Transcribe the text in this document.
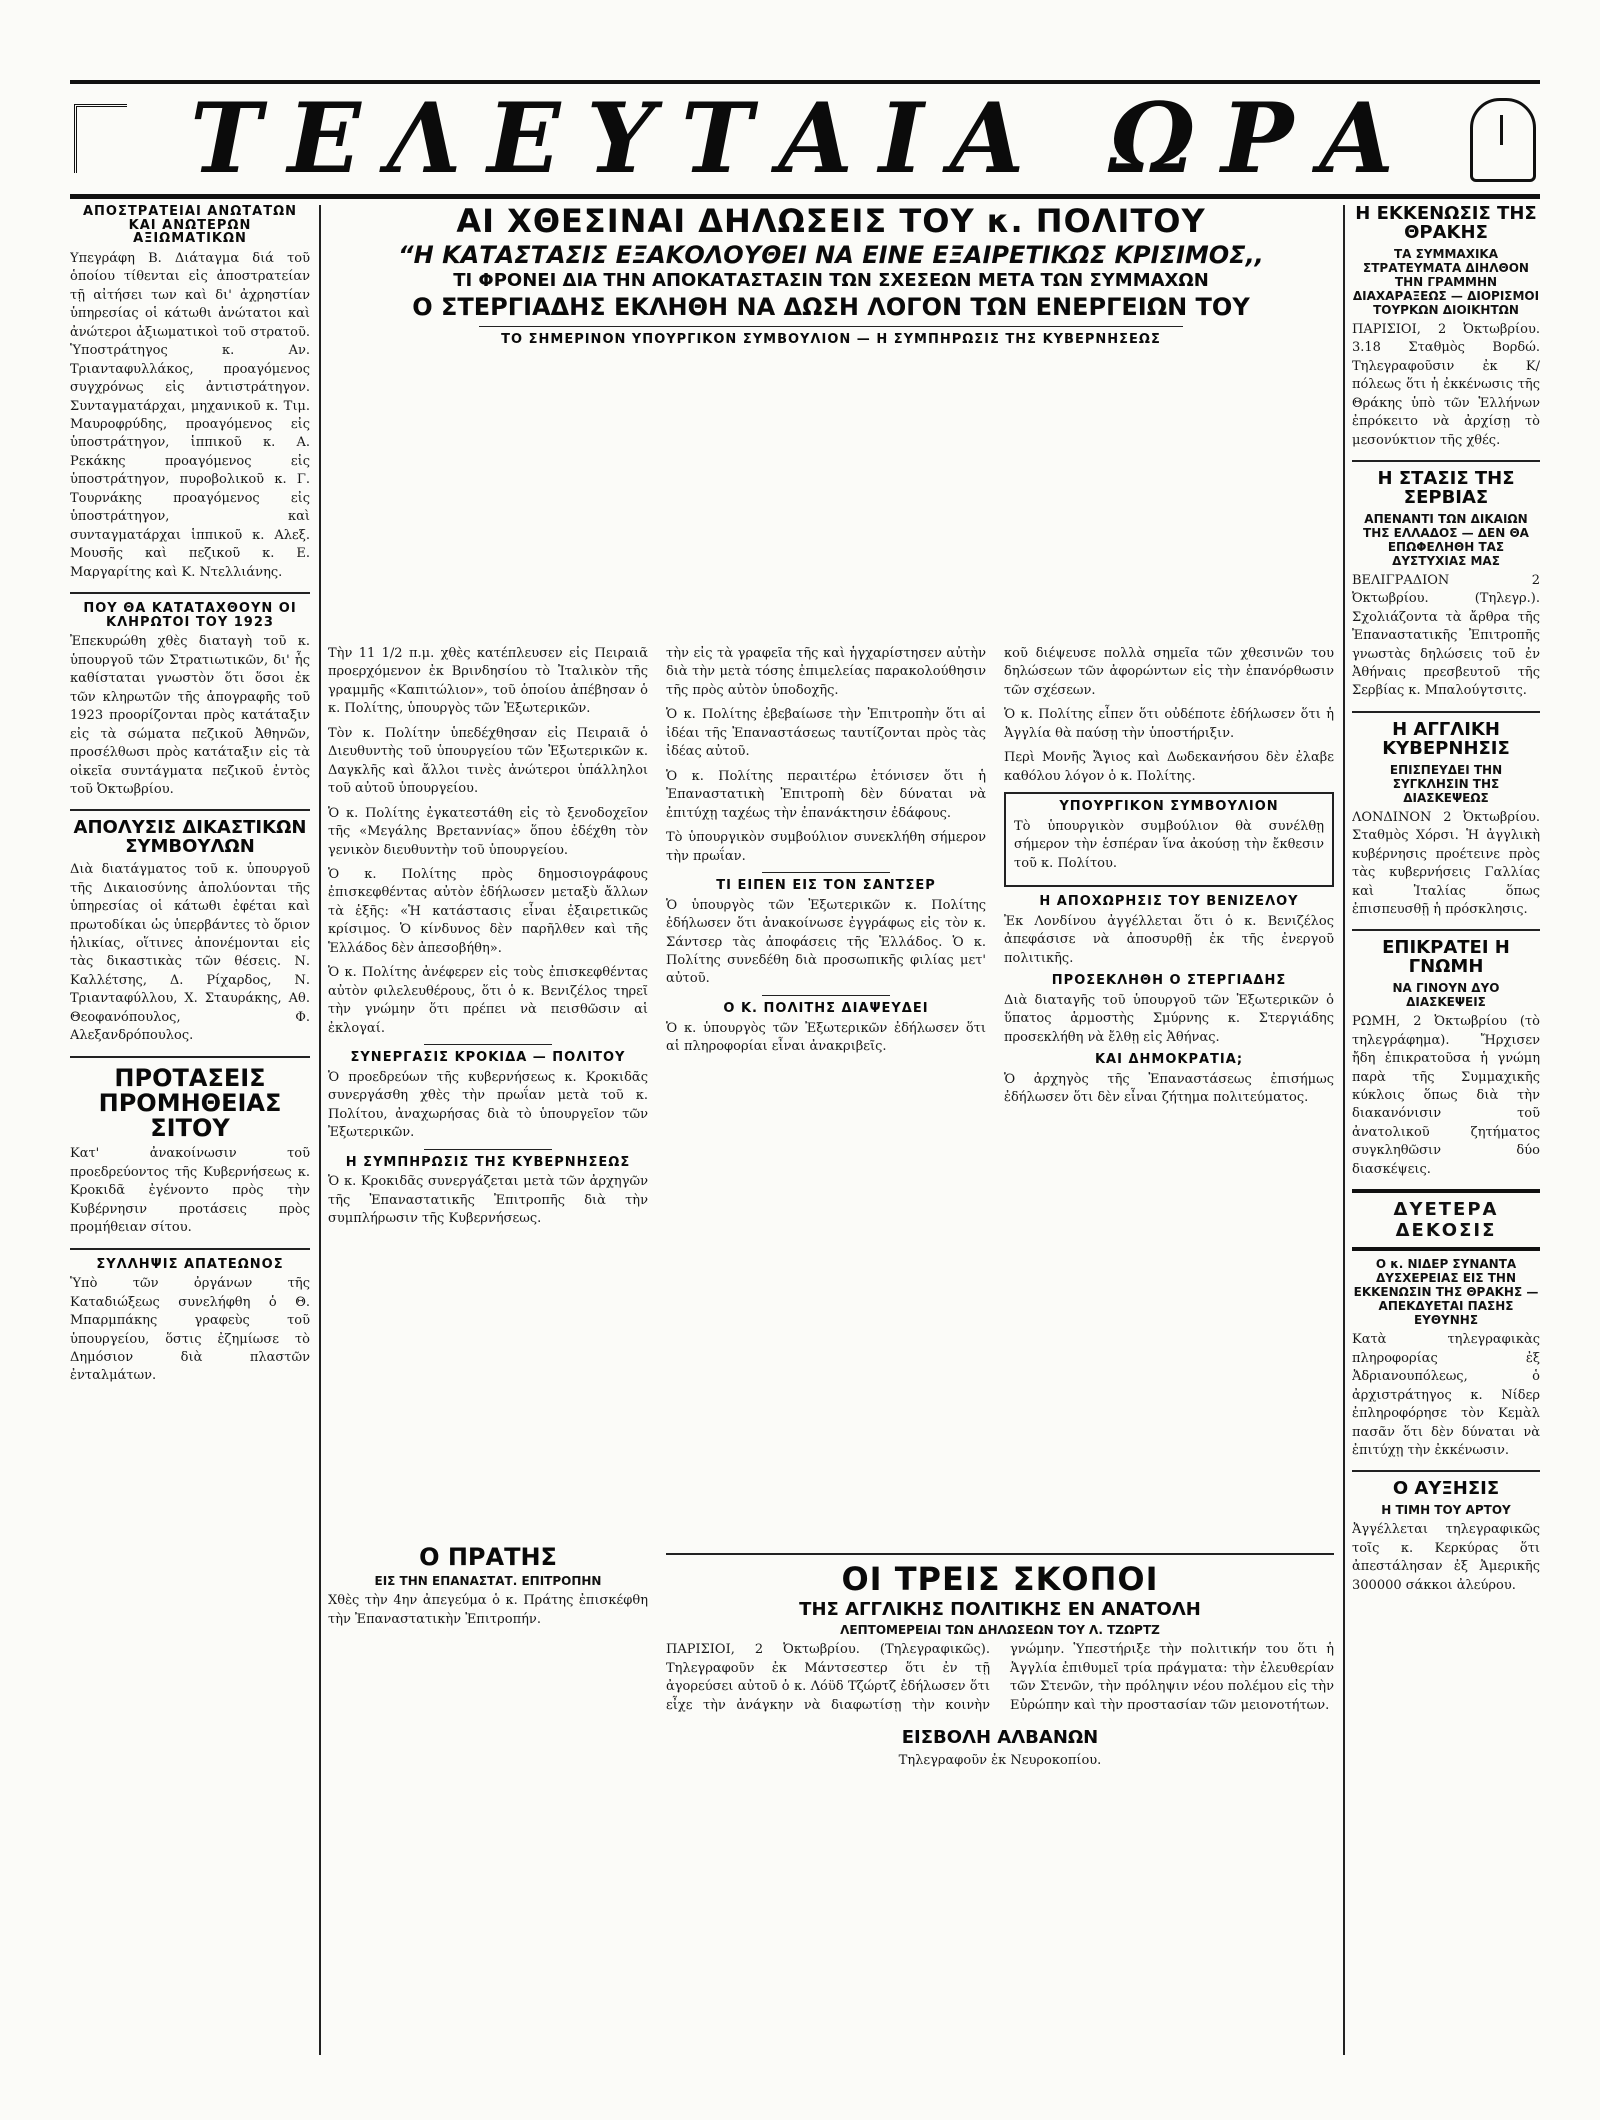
ΤΕΛΕΥΤΑΙΑ ΩΡΑ
ΑΠΟΣΤΡΑΤΕΙΑΙ ΑΝΩΤΑΤΩΝ ΚΑΙ ΑΝΩΤΕΡΩΝ ΑΞΙΩΜΑΤΙΚΩΝ

Υπεγράφη Β. Διάταγμα διά τοῦ ὁποίου τίθενται εἰς ἀποστρατείαν τῇ αἰτήσει των καὶ δι' ἀχρηστίαν ὑπηρεσίας οἱ κάτωθι ἀνώτατοι καὶ ἀνώτεροι ἀξιωματικοὶ τοῦ στρατοῦ. Ὑποστράτηγος κ. Αν. Τριανταφυλλάκος, προαγόμενος συγχρόνως εἰς ἀντιστράτηγον. Συνταγματάρχαι, μηχανικοῦ κ. Τιμ. Μαυροφρύδης, προαγόμενος εἰς ὑποστράτηγον, ἱππικοῦ κ. Α. Ρεκάκης προαγόμενος εἰς ὑποστράτηγον, πυροβολικοῦ κ. Γ. Τουρνάκης προαγόμενος εἰς ὑποστράτηγον, καὶ συνταγματάρχαι ἱππικοῦ κ. Αλεξ. Μουσῆς καὶ πεζικοῦ κ. Ε. Μαργαρίτης καὶ Κ. Ντελλιάνης.

ΠΟΥ ΘΑ ΚΑΤΑΤΑΧΘΟΥΝ ΟΙ ΚΛΗΡΩΤΟΙ ΤΟΥ 1923

Ἐπεκυρώθη χθὲς διαταγὴ τοῦ κ. ὑπουργοῦ τῶν Στρατιωτικῶν, δι' ἧς καθίσταται γνωστὸν ὅτι ὅσοι ἐκ τῶν κληρωτῶν τῆς ἀπογραφῆς τοῦ 1923 προορίζονται πρὸς κατάταξιν εἰς τὰ σώματα πεζικοῦ Ἀθηνῶν, προσέλθωσι πρὸς κατάταξιν εἰς τὰ οἰκεῖα συντάγματα πεζικοῦ ἐντὸς τοῦ Ὀκτωβρίου.

ΑΠΟΛΥΣΙΣ ΔΙΚΑΣΤΙΚΩΝ ΣΥΜΒΟΥΛΩΝ

Διὰ διατάγματος τοῦ κ. ὑπουργοῦ τῆς Δικαιοσύνης ἀπολύονται τῆς ὑπηρεσίας οἱ κάτωθι ἐφέται καὶ πρωτοδίκαι ὡς ὑπερβάντες τὸ ὅριον ἡλικίας, οἵτινες ἀπονέμονται εἰς τὰς δικαστικὰς τῶν θέσεις. Ν. Καλλέτσης, Δ. Ρίχαρδος, Ν. Τριανταφύλλου, Χ. Σταυράκης, Αθ. Θεοφανόπουλος, Φ. Αλεξανδρόπουλος.

ΠΡΟΤΑΣΕΙΣ ΠΡΟΜΗΘΕΙΑΣ ΣΙΤΟΥ

Κατ' ἀνακοίνωσιν τοῦ προεδρεύοντος τῆς Κυβερνήσεως κ. Κροκιδᾶ ἐγένοντο πρὸς τὴν Κυβέρνησιν προτάσεις πρὸς προμήθειαν σίτου.

ΣΥΛΛΗΨΙΣ ΑΠΑΤΕΩΝΟΣ

Ὑπὸ τῶν ὀργάνων τῆς Καταδιώξεως συνελήφθη ὁ Θ. Μπαρμπάκης γραφεὺς τοῦ ὑπουργείου, ὅστις ἐζημίωσε τὸ Δημόσιον διὰ πλαστῶν ἐνταλμάτων.

ΑΙ ΧΘΕΣΙΝΑΙ ΔΗΛΩΣΕΙΣ ΤΟΥ κ. ΠΟΛΙΤΟΥ
“Η ΚΑΤΑΣΤΑΣΙΣ ΕΞΑΚΟΛΟΥΘΕΙ ΝΑ ΕΙΝΕ ΕΞΑΙΡΕΤΙΚΩΣ ΚΡΙΣΙΜΟΣ,,
ΤΙ ΦΡΟΝΕΙ ΔΙΑ ΤΗΝ ΑΠΟΚΑΤΑΣΤΑΣΙΝ ΤΩΝ ΣΧΕΣΕΩΝ ΜΕΤΑ ΤΩΝ ΣΥΜΜΑΧΩΝ
Ο ΣΤΕΡΓΙΑΔΗΣ ΕΚΛΗΘΗ ΝΑ ΔΩΣΗ ΛΟΓΟΝ ΤΩΝ ΕΝΕΡΓΕΙΩΝ ΤΟΥ
ΤΟ ΣΗΜΕΡΙΝΟΝ ΥΠΟΥΡΓΙΚΟΝ ΣΥΜΒΟΥΛΙΟΝ — Η ΣΥΜΠΗΡΩΣΙΣ ΤΗΣ ΚΥΒΕΡΝΗΣΕΩΣ

Τὴν 11 1/2 π.μ. χθὲς κατέπλευσεν εἰς Πειραιᾶ προερχόμενον ἐκ Βρινδησίου τὸ Ἰταλικὸν τῆς γραμμῆς «Καπιτώλιον», τοῦ ὁποίου ἀπέβησαν ὁ κ. Πολίτης, ὑπουργὸς τῶν Ἐξωτερικῶν.

Τὸν κ. Πολίτην ὑπεδέχθησαν εἰς Πειραιᾶ ὁ Διευθυντὴς τοῦ ὑπουργείου τῶν Ἐξωτερικῶν κ. Δαγκλῆς καὶ ἄλλοι τινὲς ἀνώτεροι ὑπάλληλοι τοῦ αὐτοῦ ὑπουργείου.

Ὁ κ. Πολίτης ἐγκατεστάθη εἰς τὸ ξενοδοχεῖον τῆς «Μεγάλης Βρεταννίας» ὅπου ἐδέχθη τὸν γενικὸν διευθυντὴν τοῦ ὑπουργείου.

Ὁ κ. Πολίτης πρὸς δημοσιογράφους ἐπισκεφθέντας αὐτὸν ἐδήλωσεν μεταξὺ ἄλλων τὰ ἑξῆς: «Ἡ κατάστασις εἶναι ἐξαιρετικῶς κρίσιμος. Ὁ κίνδυνος δὲν παρῆλθεν καὶ τῆς Ἑλλάδος δὲν ἀπεσοβήθη».

Ὁ κ. Πολίτης ἀνέφερεν εἰς τοὺς ἐπισκεφθέντας αὐτὸν φιλελευθέρους, ὅτι ὁ κ. Βενιζέλος τηρεῖ τὴν γνώμην ὅτι πρέπει νὰ πεισθῶσιν αἱ ἐκλογαί.

ΣΥΝΕΡΓΑΣΙΣ ΚΡΟΚΙΔΑ — ΠΟΛΙΤΟΥ

Ὁ προεδρεύων τῆς κυβερνήσεως κ. Κροκιδᾶς συνεργάσθη χθὲς τὴν πρωΐαν μετὰ τοῦ κ. Πολίτου, ἀναχωρήσας διὰ τὸ ὑπουργεῖον τῶν Ἐξωτερικῶν.

Η ΣΥΜΠΗΡΩΣΙΣ ΤΗΣ ΚΥΒΕΡΝΗΣΕΩΣ

Ὁ κ. Κροκιδᾶς συνεργάζεται μετὰ τῶν ἀρχηγῶν τῆς Ἐπαναστατικῆς Ἐπιτροπῆς διὰ τὴν συμπλήρωσιν τῆς Κυβερνήσεως.

τὴν εἰς τὰ γραφεῖα τῆς καὶ ἡγχαρίστησεν αὐτὴν διὰ τὴν μετὰ τόσης ἐπιμελείας παρακολούθησιν τῆς πρὸς αὐτὸν ὑποδοχῆς.

Ὁ κ. Πολίτης ἐβεβαίωσε τὴν Ἐπιτροπὴν ὅτι αἱ ἰδέαι τῆς Ἐπαναστάσεως ταυτίζονται πρὸς τὰς ἰδέας αὐτοῦ.

Ὁ κ. Πολίτης περαιτέρω ἐτόνισεν ὅτι ἡ Ἐπαναστατικὴ Ἐπιτροπὴ δὲν δύναται νὰ ἐπιτύχῃ ταχέως τὴν ἐπανάκτησιν ἐδάφους.

Τὸ ὑπουργικὸν συμβούλιον συνεκλήθη σήμερον τὴν πρωΐαν.

ΤΙ ΕΙΠΕΝ ΕΙΣ ΤΟΝ ΣΑΝΤΣΕΡ

Ὁ ὑπουργὸς τῶν Ἐξωτερικῶν κ. Πολίτης ἐδήλωσεν ὅτι ἀνακοίνωσε ἐγγράφως εἰς τὸν κ. Σάντσερ τὰς ἀποφάσεις τῆς Ἑλλάδος. Ὁ κ. Πολίτης συνεδέθη διὰ προσωπικῆς φιλίας μετ' αὐτοῦ.

Ο Κ. ΠΟΛΙΤΗΣ ΔΙΑΨΕΥΔΕΙ

Ὁ κ. ὑπουργὸς τῶν Ἐξωτερικῶν ἐδήλωσεν ὅτι αἱ πληροφορίαι εἶναι ἀνακριβεῖς.

κοῦ διέψευσε πολλὰ σημεῖα τῶν χθεσινῶν του δηλώσεων τῶν ἀφορώντων εἰς τὴν ἐπανόρθωσιν τῶν σχέσεων.

Ὁ κ. Πολίτης εἶπεν ὅτι οὐδέποτε ἐδήλωσεν ὅτι ἡ Ἀγγλία θὰ παύσῃ τὴν ὑποστήριξιν.

Περὶ Μονῆς Ἄγιος καὶ Δωδεκανήσου δὲν ἐλαβε καθόλου λόγον ὁ κ. Πολίτης.

ΥΠΟΥΡΓΙΚΟΝ ΣΥΜΒΟΥΛΙΟΝ

Τὸ ὑπουργικὸν συμβούλιον θὰ συνέλθῃ σήμερον τὴν ἑσπέραν ἵνα ἀκούσῃ τὴν ἔκθεσιν τοῦ κ. Πολίτου.

Η ΑΠΟΧΩΡΗΣΙΣ ΤΟΥ ΒΕΝΙΖΕΛΟΥ

Ἐκ Λονδίνου ἀγγέλλεται ὅτι ὁ κ. Βενιζέλος ἀπεφάσισε νὰ ἀποσυρθῇ ἐκ τῆς ἐνεργοῦ πολιτικῆς.

ΠΡΟΣΕΚΛΗΘΗ Ο ΣΤΕΡΓΙΑΔΗΣ

Διὰ διαταγῆς τοῦ ὑπουργοῦ τῶν Ἐξωτερικῶν ὁ ὕπατος ἁρμοστὴς Σμύρνης κ. Στεργιάδης προσεκλήθη νὰ ἔλθῃ εἰς Ἀθήνας.

ΚΑΙ ΔΗΜΟΚΡΑΤΙΑ;

Ὁ ἀρχηγὸς τῆς Ἐπαναστάσεως ἐπισήμως ἐδήλωσεν ὅτι δὲν εἶναι ζήτημα πολιτεύματος.

Ο ΠΡΑΤΗΣ
ΕΙΣ ΤΗΝ ΕΠΑΝΑΣΤΑΤ. ΕΠΙΤΡΟΠΗΝ

Χθὲς τὴν 4ην ἀπεγεύμα ὁ κ. Πράτης ἐπισκέφθη τὴν Ἐπαναστατικὴν Ἐπιτροπήν.

ΟΙ ΤΡΕΙΣ ΣΚΟΠΟΙ
ΤΗΣ ΑΓΓΛΙΚΗΣ ΠΟΛΙΤΙΚΗΣ ΕΝ ΑΝΑΤΟΛΗ
ΛΕΠΤΟΜΕΡΕΙΑΙ ΤΩΝ ΔΗΛΩΣΕΩΝ ΤΟΥ Λ. ΤΖΩΡΤΖ

ΠΑΡΙΣΙΟΙ, 2 Ὀκτωβρίου. (Τηλεγραφικῶς). Τηλεγραφοῦν ἐκ Μάντσεστερ ὅτι ἐν τῇ ἀγορεύσει αὐτοῦ ὁ κ. Λόϋδ Τζώρτζ ἐδήλωσεν ὅτι εἶχε τὴν ἀνάγκην νὰ διαφωτίσῃ τὴν κοινὴν γνώμην. Ὑπεστήριξε τὴν πολιτικήν του ὅτι ἡ Ἀγγλία ἐπιθυμεῖ τρία πράγματα: τὴν ἐλευθερίαν τῶν Στενῶν, τὴν πρόληψιν νέου πολέμου εἰς τὴν Εὐρώπην καὶ τὴν προστασίαν τῶν μειονοτήτων.

ΕΙΣΒΟΛΗ ΑΛΒΑΝΩΝ

Τηλεγραφοῦν ἐκ Νευροκοπίου.

Η ΕΚΚΕΝΩΣΙΣ ΤΗΣ ΘΡΑΚΗΣ
ΤΑ ΣΥΜΜΑΧΙΚΑ ΣΤΡΑΤΕΥΜΑΤΑ ΔΙΗΛΘΟΝ ΤΗΝ ΓΡΑΜΜΗΝ ΔΙΑΧΑΡΑΞΕΩΣ — ΔΙΟΡΙΣΜΟΙ ΤΟΥΡΚΩΝ ΔΙΟΙΚΗΤΩΝ

ΠΑΡΙΣΙΟΙ, 2 Ὀκτωβρίου. 3.18 Σταθμὸς Βορδώ. Τηλεγραφοῦσιν ἐκ Κ/πόλεως ὅτι ἡ ἐκκένωσις τῆς Θράκης ὑπὸ τῶν Ἑλλήνων ἐπρόκειτο νὰ ἀρχίσῃ τὸ μεσονύκτιον τῆς χθές.

Η ΣΤΑΣΙΣ ΤΗΣ ΣΕΡΒΙΑΣ
ΑΠΕΝΑΝΤΙ ΤΩΝ ΔΙΚΑΙΩΝ ΤΗΣ ΕΛΛΑΔΟΣ — ΔΕΝ ΘΑ ΕΠΩΦΕΛΗΘΗ ΤΑΣ ΔΥΣΤΥΧΙΑΣ ΜΑΣ

ΒΕΛΙΓΡΑΔΙΟΝ 2 Ὀκτωβρίου. (Τηλεγρ.). Σχολιάζοντα τὰ ἄρθρα τῆς Ἐπαναστατικῆς Ἐπιτροπῆς γνωστὰς δηλώσεις τοῦ ἐν Ἀθήναις πρεσβευτοῦ τῆς Σερβίας κ. Μπαλούγτσιτς.

Η ΑΓΓΛΙΚΗ ΚΥΒΕΡΝΗΣΙΣ
ΕΠΙΣΠΕΥΔΕΙ ΤΗΝ ΣΥΓΚΛΗΣΙΝ ΤΗΣ ΔΙΑΣΚΕΨΕΩΣ

ΛΟΝΔΙΝΟΝ 2 Ὀκτωβρίου. Σταθμὸς Χόρσι. Ἡ ἀγγλικὴ κυβέρνησις προέτεινε πρὸς τὰς κυβερνήσεις Γαλλίας καὶ Ἰταλίας ὅπως ἐπισπευσθῇ ἡ πρόσκλησις.

ΕΠΙΚΡΑΤΕΙ Η ΓΝΩΜΗ
ΝΑ ΓΙΝΟΥΝ ΔΥΟ ΔΙΑΣΚΕΨΕΙΣ

ΡΩΜΗ, 2 Ὀκτωβρίου (τὸ τηλεγράφημα). Ἤρχισεν ἤδη ἐπικρατοῦσα ἡ γνώμη παρὰ τῆς Συμμαχικῆς κύκλοις ὅπως διὰ τὴν διακανόνισιν τοῦ ἀνατολικοῦ ζητήματος συγκληθῶσιν δύο διασκέψεις.

ΔΥΕΤΕΡΑ ΔΕΚΟΣΙΣ
Ο κ. ΝΙΔΕΡ ΣΥΝΑΝΤΑ ΔΥΣΧΕΡΕΙΑΣ ΕΙΣ ΤΗΝ ΕΚΚΕΝΩΣΙΝ ΤΗΣ ΘΡΑΚΗΣ — ΑΠΕΚΔΥΕΤΑΙ ΠΑΣΗΣ ΕΥΘΥΝΗΣ

Κατὰ τηλεγραφικὰς πληροφορίας ἐξ Ἀδριανουπόλεως, ὁ ἀρχιστράτηγος κ. Νίδερ ἐπληροφόρησε τὸν Κεμὰλ πασᾶν ὅτι δὲν δύναται νὰ ἐπιτύχῃ τὴν ἐκκένωσιν.

Ο ΑΥΞΗΣΙΣ
Η ΤΙΜΗ ΤΟΥ ΑΡΤΟΥ

Ἀγγέλλεται τηλεγραφικῶς τοῖς κ. Κερκύρας ὅτι ἀπεστάλησαν ἐξ Ἀμερικῆς 300000 σάκκοι ἀλεύρου.
